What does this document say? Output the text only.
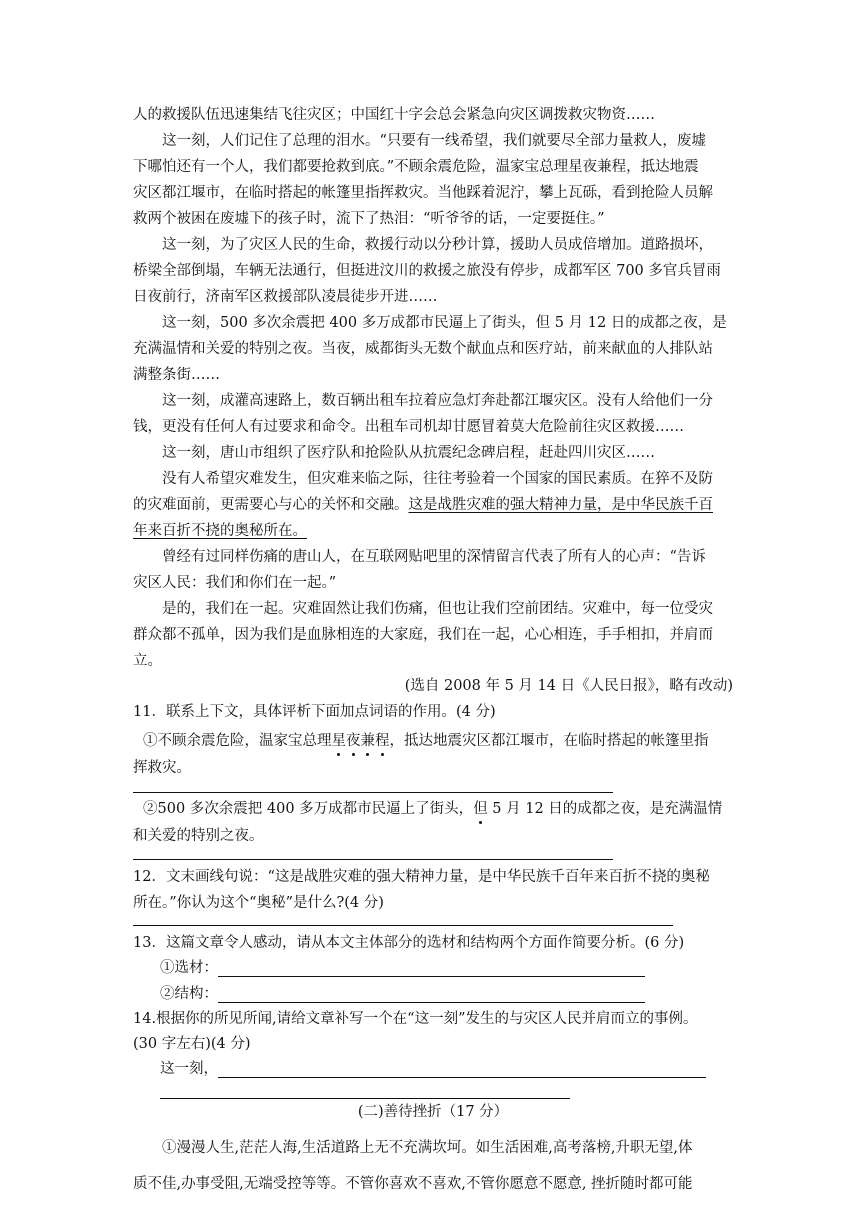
人的救援队伍迅速集结飞往灾区；中国红十字会总会紧急向灾区调拨救灾物资……
这一刻，人们记住了总理的泪水。“只要有一线希望，我们就要尽全部力量救人，废墟
下哪怕还有一个人，我们都要抢救到底。”不顾余震危险，温家宝总理星夜兼程，抵达地震
灾区都江堰市，在临时搭起的帐篷里指挥救灾。当他踩着泥泞，攀上瓦砾，看到抢险人员解
救两个被困在废墟下的孩子时，流下了热泪：“听爷爷的话，一定要挺住。”
这一刻，为了灾区人民的生命，救援行动以分秒计算，援助人员成倍增加。道路损坏，
桥梁全部倒塌，车辆无法通行，但挺进汶川的救援之旅没有停步，成都军区 700 多官兵冒雨
日夜前行，济南军区救援部队凌晨徒步开进……
这一刻，500 多次余震把 400 多万成都市民逼上了街头，但 5 月 12 日的成都之夜，是
充满温情和关爱的特别之夜。当夜，威都街头无数个献血点和医疗站，前来献血的人排队站
满整条街……
这一刻，成灌高速路上，数百辆出租车拉着应急灯奔赴都江堰灾区。没有人给他们一分
钱，更没有任何人有过要求和命令。出租车司机却甘愿冒着莫大危险前往灾区救援……
这一刻，唐山市组织了医疗队和抢险队从抗震纪念碑启程，赶赴四川灾区……
没有人希望灾难发生，但灾难来临之际，往往考验着一个国家的国民素质。在猝不及防
的灾难面前，更需要心与心的关怀和交融。这是战胜灾难的强大精神力量，是中华民族千百
年来百折不挠的奥秘所在。
曾经有过同样伤痛的唐山人，在互联网贴吧里的深情留言代表了所有人的心声：“告诉
灾区人民：我们和你们在一起。”
是的，我们在一起。灾难固然让我们伤痛，但也让我们空前团结。灾难中，每一位受灾
群众都不孤单，因为我们是血脉相连的大家庭，我们在一起，心心相连，手手相扣，并肩而
立。
(选自 2008 年 5 月 14 日《人民日报》，略有改动)
11．联系上下文，具体评析下面加点词语的作用。(4 分)
①不顾余震危险，温家宝总理星夜兼程，抵达地震灾区都江堰市，在临时搭起的帐篷里指
挥救灾。
②500 多次余震把 400 多万成都市民逼上了街头，但 5 月 12 日的成都之夜，是充满温情
和关爱的特别之夜。
12．文末画线句说：“这是战胜灾难的强大精神力量，是中华民族千百年来百折不挠的奥秘
所在。”你认为这个“奥秘”是什么?(4 分)
13．这篇文章令人感动，请从本文主体部分的选材和结构两个方面作简要分析。(6 分)
①选材：
②结构：
14.根据你的所见所闻,请给文章补写一个在“这一刻”发生的与灾区人民并肩而立的事例。
(30 字左右)(4 分)
这一刻，
(二)善待挫折（17 分）
①漫漫人生,茫茫人海,生活道路上无不充满坎坷。如生活困难,高考落榜,升职无望,体
质不佳,办事受阻,无端受控等等。不管你喜欢不喜欢,不管你愿意不愿意, 挫折随时都可能
